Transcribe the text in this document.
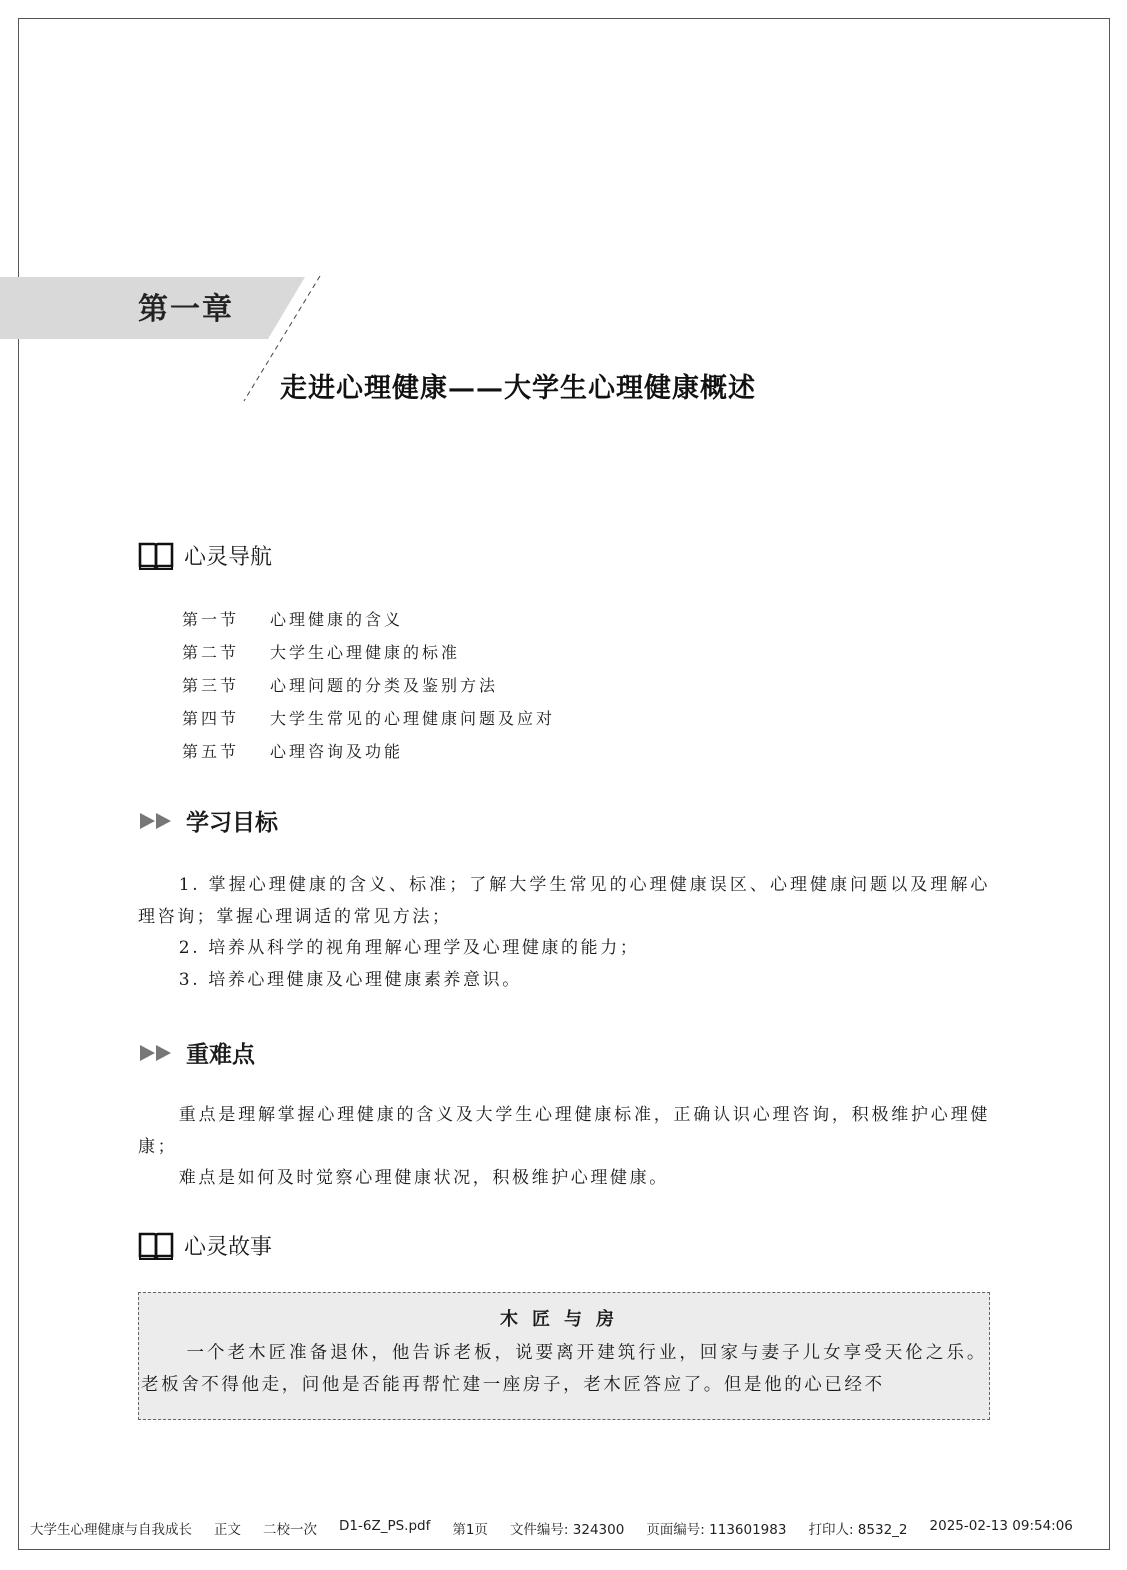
第一章
走进心理健康——大学生心理健康概述
心灵导航
第一节	心理健康的含义
第二节	大学生心理健康的标准
第三节	心理问题的分类及鉴别方法
第四节	大学生常见的心理健康问题及应对
第五节	心理咨询及功能
学习目标

1. 掌握心理健康的含义、标准；了解大学生常见的心理健康误区、心理健康问题以及理解心理咨询；掌握心理调适的常见方法；

2. 培养从科学的视角理解心理学及心理健康的能力；

3. 培养心理健康及心理健康素养意识。

重难点

重点是理解掌握心理健康的含义及大学生心理健康标准，正确认识心理咨询，积极维护心理健康；

难点是如何及时觉察心理健康状况，积极维护心理健康。

心灵故事
木匠与房

一个老木匠准备退休，他告诉老板，说要离开建筑行业，回家与妻子儿女享受天伦之乐。老板舍不得他走，问他是否能再帮忙建一座房子，老木匠答应了。但是他的心已经不

大学生心理健康与自我成长 正文 二校一次 D1-6Z_PS.pdf 第1页 文件编号: 324300 页面编号: 113601983 打印人: 8532_2 2025-02-13 09:54:06
